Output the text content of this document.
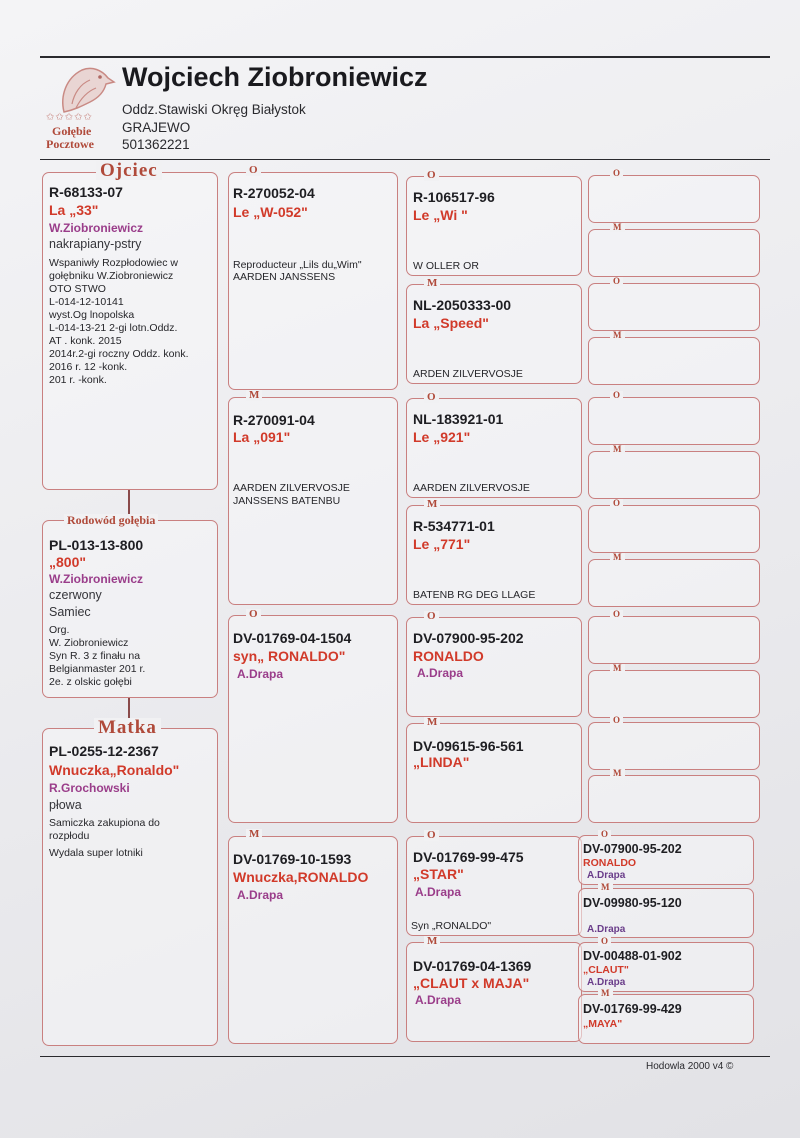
✩✩✩✩✩
Gołębie
Pocztowe
Wojciech Ziobroniewicz
Oddz.Stawiski Okręg Białystok
GRAJEWO
501362221
R-68133-07
La „33"
W.Ziobroniewicz
nakrapiany-pstry
Wspaniwły Rozpłodowiec w
gołębniku W.Ziobroniewicz
OTO STWO
L-014-12-10141
wyst.Og lnopolska
L-014-13-21 2-gi lotn.Oddz.
AT . konk. 2015
2014r.2-gi roczny Oddz. konk.
2016 r. 12 -konk.
201 r. -konk.
Ojciec
PL-013-13-800
„800"
W.Ziobroniewicz
czerwony
Samiec
Org.
W. Ziobroniewicz
Syn R. 3 z finału na
Belgianmaster 201 r.
2e. z olskic gołębi
Rodowód gołębia
PL-0255-12-2367
Wnuczka„Ronaldo"
R.Grochowski
płowa
Samiczka zakupiona do
rozpłodu
Wydala super lotniki
Matka
R-270052-04
Le „W-052"
Reproducteur „Lils du„Wim"
AARDEN JANSSENS
O
R-270091-04
La „091"
AARDEN ZILVERVOSJE
JANSSENS BATENBU
M
DV-01769-04-1504
syn„ RONALDO"
A.Drapa
O
DV-01769-10-1593
Wnuczka,RONALDO
A.Drapa
M
R-106517-96
Le „Wi "
W OLLER OR
O
NL-2050333-00
La „Speed"
ARDEN ZILVERVOSJE
M
NL-183921-01
Le „921"
AARDEN ZILVERVOSJE
O
R-534771-01
Le „771"
BATENB RG DEG LLAGE
M
DV-07900-95-202
RONALDO
A.Drapa
O
DV-09615-96-561
„LINDA"
M
DV-01769-99-475
„STAR"
A.Drapa
Syn „RONALDO"
O
DV-01769-04-1369
„CLAUT x MAJA"
A.Drapa
M
O
M
O
M
O
M
O
M
O
M
O
M
DV-07900-95-202
RONALDO
A.Drapa
O
DV-09980-95-120
A.Drapa
M
DV-00488-01-902
„CLAUT"
A.Drapa
O
DV-01769-99-429
„MAYA"
M
Hodowla 2000 v4 ©
